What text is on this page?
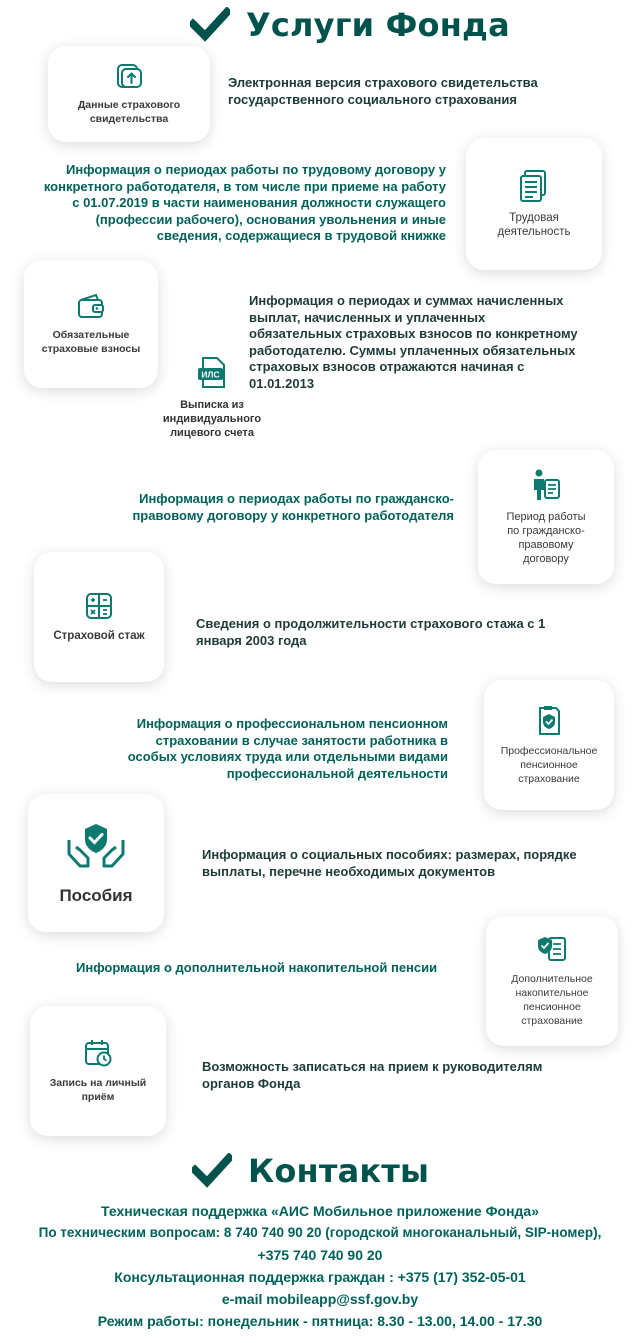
Услуги Фонда
Данные страхового
свидетельства
Электронная версия страхового свидетельства
государственного социального страхования
Информация о периодах работы по трудовому договору у
конкретного работодателя, в том числе при приеме на работу
с 01.07.2019 в части наименования должности служащего
(профессии рабочего), основания увольнения и иные
сведения, содержащиеся в трудовой книжке
Трудовая
деятельность
Обязательные
страховые взносы
Информация о периодах и суммах начисленных
выплат, начисленных и уплаченных
обязательных страховых взносов по конкретному
работодателю. Суммы уплаченных обязательных
страховых взносов отражаются начиная с
01.01.2013
ИЛС
Выписка из
индивидуального
лицевого счета
Информация о периодах работы по гражданско-
правовому договору у конкретного работодателя	Период работы
по гражданско-
правовому
договору
Страховой стаж
Сведения о продолжительности страхового стажа с 1
января 2003 года
Информация о профессиональном пенсионном
страховании в случае занятости работника в
особых условиях труда или отдельными видами
профессиональной деятельности
Профессиональное
пенсионное
страхование
Пособия
Информация о социальных пособиях: размерах, порядке
выплаты, перечне необходимых документов
Информация о дополнительной накопительной пенсии
Дополнительное
накопительное
пенсионное
страхование
Запись на личный
приём
Возможность записаться на прием к руководителям
органов Фонда
Контакты
Техническая поддержка «АИС Мобильное приложение Фонда»
По техническим вопросам: 8 740 740 90 20 (городской многоканальный, SIP-номер),
+375 740 740 90 20
Консультационная поддержка граждан : +375 (17) 352-05-01
e-mail mobileapp@ssf.gov.by
Режим работы: понедельник - пятница: 8.30 - 13.00, 14.00 - 17.30
